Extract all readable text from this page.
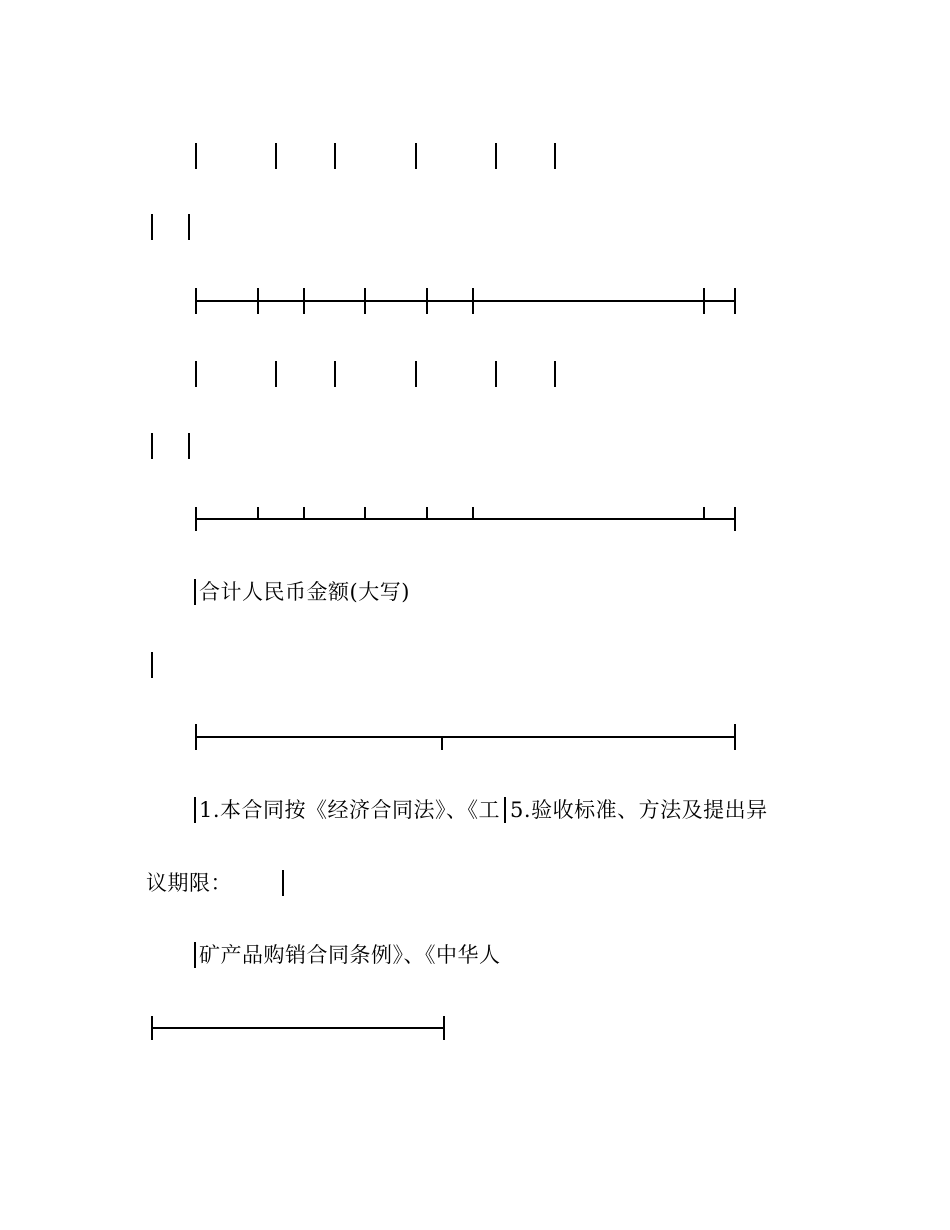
合计人民币金额(大写)
1.本合同按《经济合同法》、《工 5.验收标准、方法及提出异
议期限：
矿产品购销合同条例》、《中华人
